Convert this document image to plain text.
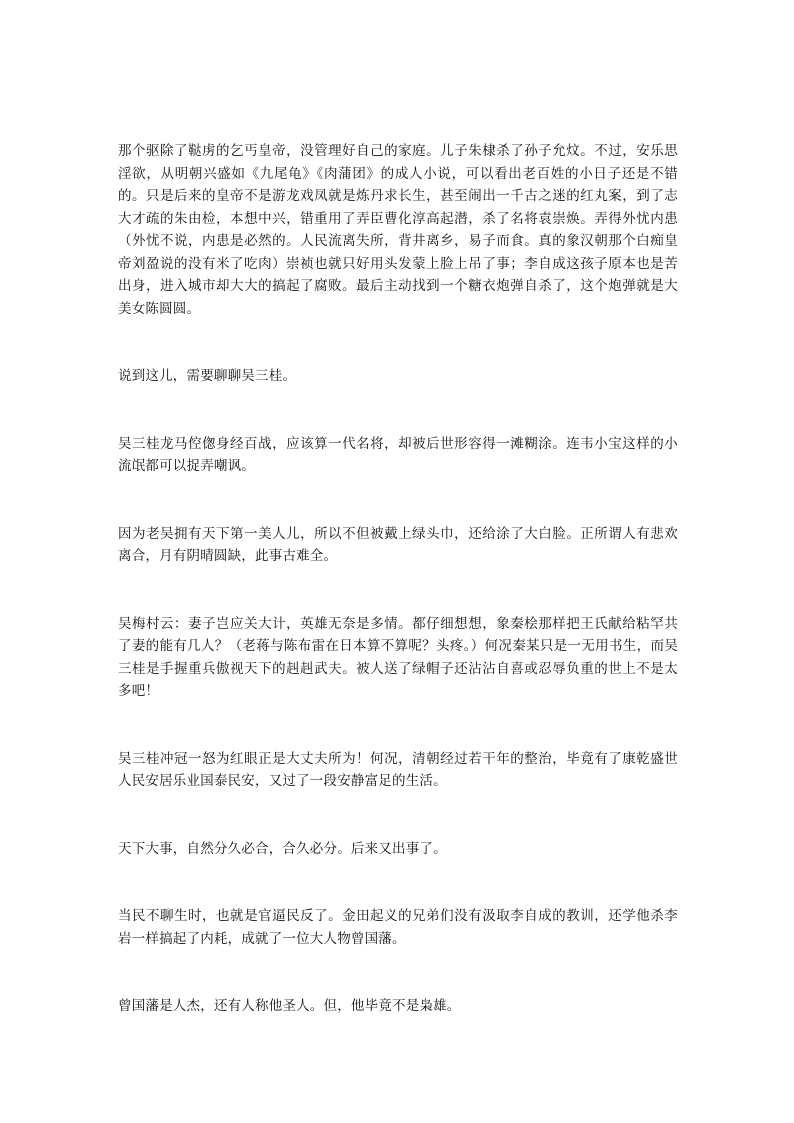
那个驱除了鞑虏的乞丐皇帝，没管理好自己的家庭。儿子朱棣杀了孙子允炆。不过，安乐思淫欲，从明朝兴盛如《九尾龟》《肉蒲团》的成人小说，可以看出老百姓的小日子还是不错的。只是后来的皇帝不是游龙戏凤就是炼丹求长生，甚至闹出一千古之迷的红丸案，到了志大才疏的朱由检，本想中兴，错重用了弄臣曹化淳高起潜，杀了名将袁崇焕。弄得外忧内患（外忧不说，内患是必然的。人民流离失所，背井离乡，易子而食。真的象汉朝那个白痴皇帝刘盈说的没有米了吃肉）崇祯也就只好用头发蒙上脸上吊了事；李自成这孩子原本也是苦出身，进入城市却大大的搞起了腐败。最后主动找到一个糖衣炮弹自杀了，这个炮弹就是大美女陈圆圆。

说到这儿，需要聊聊吴三桂。

吴三桂龙马倥偬身经百战，应该算一代名将，却被后世形容得一滩糊涂。连韦小宝这样的小流氓都可以捉弄嘲讽。

因为老吴拥有天下第一美人儿，所以不但被戴上绿头巾，还给涂了大白脸。正所谓人有悲欢离合，月有阴晴圆缺，此事古难全。

吴梅村云：妻子岂应关大计，英雄无奈是多情。都仔细想想，象秦桧那样把王氏献给粘罕共了妻的能有几人？（老蒋与陈布雷在日本算不算呢？头疼。）何况秦某只是一无用书生，而吴三桂是手握重兵傲视天下的赳赳武夫。被人送了绿帽子还沾沾自喜或忍辱负重的世上不是太多吧！

吴三桂冲冠一怒为红眼正是大丈夫所为！何况，清朝经过若干年的整治，毕竟有了康乾盛世人民安居乐业国泰民安，又过了一段安静富足的生活。

天下大事，自然分久必合，合久必分。后来又出事了。

当民不聊生时，也就是官逼民反了。金田起义的兄弟们没有汲取李自成的教训，还学他杀李岩一样搞起了内耗，成就了一位大人物曾国藩。

曾国藩是人杰，还有人称他圣人。但，他毕竟不是枭雄。
